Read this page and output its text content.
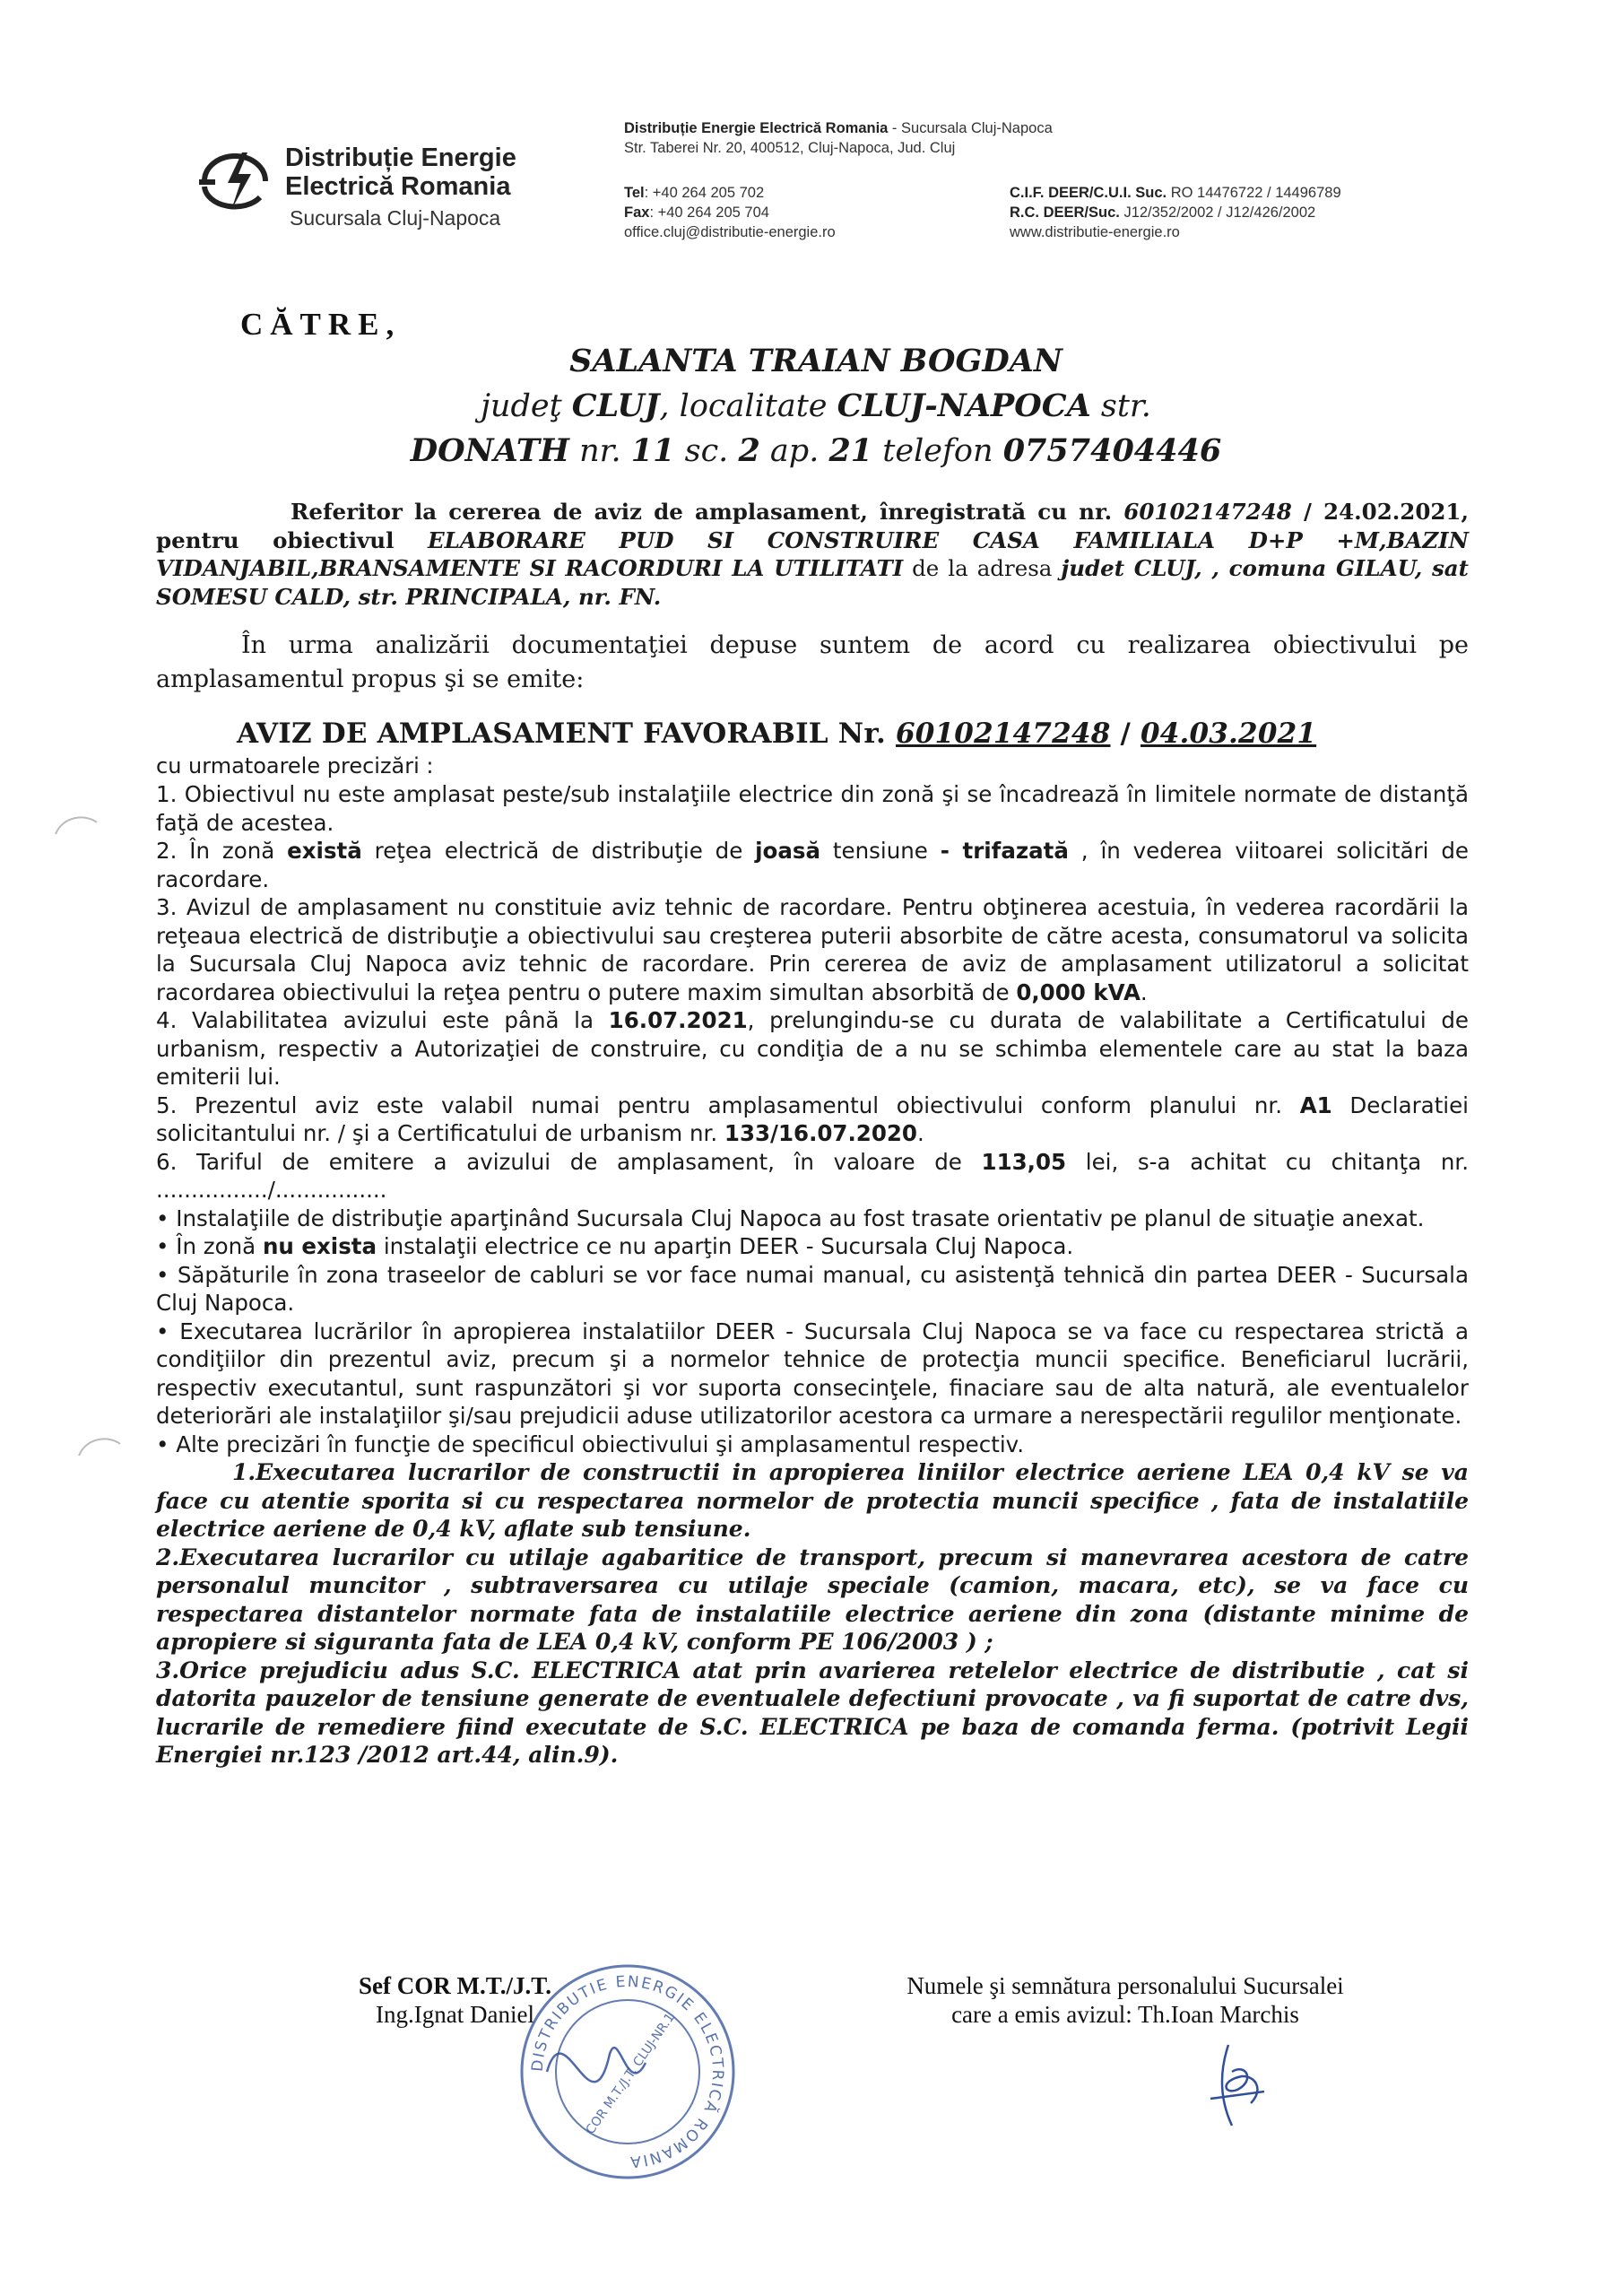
Distribuție Energie
Electrică Romania
Sucursala Cluj-Napoca
Distribuție Energie Electrică Romania - Sucursala Cluj-Napoca
Str. Taberei Nr. 20, 400512, Cluj-Napoca, Jud. Cluj
Tel: +40 264 205 702
Fax: +40 264 205 704
office.cluj@distributie-energie.ro
C.I.F. DEER/C.U.I. Suc. RO 14476722 / 14496789
R.C. DEER/Suc. J12/352/2002 / J12/426/2002
www.distributie-energie.ro
CĂTRE,
SALANTA TRAIAN BOGDAN
judeţ CLUJ, localitate CLUJ-NAPOCA str.
DONATH nr. 11 sc. 2 ap. 21 telefon 0757404446

Referitor la cererea de aviz de amplasament, înregistrată cu nr. 60102147248 / 24.02.2021, pentru obiectivul ELABORARE PUD SI CONSTRUIRE CASA FAMILIALA D+P +M,BAZIN VIDANJABIL,BRANSAMENTE SI RACORDURI LA UTILITATI de la adresa judet CLUJ, , comuna GILAU, sat SOMESU CALD, str. PRINCIPALA, nr. FN.

În urma analizării documentaţiei depuse suntem de acord cu realizarea obiectivului pe amplasamentul propus şi se emite:

AVIZ DE AMPLASAMENT FAVORABIL Nr. 60102147248 / 04.03.2021
cu urmatoarele precizări :

1. Obiectivul nu este amplasat peste/sub instalaţiile electrice din zonă şi se încadrează în limitele normate de distanţă faţă de acestea.

2. În zonă există reţea electrică de distribuţie de joasă tensiune - trifazată , în vederea viitoarei solicitări de racordare.

3. Avizul de amplasament nu constituie aviz tehnic de racordare. Pentru obţinerea acestuia, în vederea racordării la reţeaua electrică de distribuţie a obiectivului sau creşterea puterii absorbite de către acesta, consumatorul va solicita la Sucursala Cluj Napoca aviz tehnic de racordare. Prin cererea de aviz de amplasament utilizatorul a solicitat racordarea obiectivului la reţea pentru o putere maxim simultan absorbită de 0,000 kVA.

4. Valabilitatea avizului este până la 16.07.2021, prelungindu-se cu durata de valabilitate a Certificatului de urbanism, respectiv a Autorizaţiei de construire, cu condiţia de a nu se schimba elementele care au stat la baza emiterii lui.

5. Prezentul aviz este valabil numai pentru amplasamentul obiectivului conform planului nr. A1 Declaratiei solicitantului nr. / şi a Certificatului de urbanism nr. 133/16.07.2020.

6. Tariful de emitere a avizului de amplasament, în valoare de 113,05 lei, s-a achitat cu chitanţa nr. ................/................

• Instalaţiile de distribuţie aparţinând Sucursala Cluj Napoca au fost trasate orientativ pe planul de situaţie anexat.

• În zonă nu exista instalaţii electrice ce nu aparţin DEER - Sucursala Cluj Napoca.

• Săpăturile în zona traseelor de cabluri se vor face numai manual, cu asistenţă tehnică din partea DEER - Sucursala Cluj Napoca.

• Executarea lucrărilor în apropierea instalatiilor DEER - Sucursala Cluj Napoca se va face cu respectarea strictă a condiţiilor din prezentul aviz, precum şi a normelor tehnice de protecţia muncii specifice. Beneficiarul lucrării, respectiv executantul, sunt raspunzători şi vor suporta consecinţele, finaciare sau de alta natură, ale eventualelor deteriorări ale instalaţiilor şi/sau prejudicii aduse utilizatorilor acestora ca urmare a nerespectării regulilor menţionate.

• Alte precizări în funcţie de specificul obiectivului şi amplasamentul respectiv.

1.Executarea lucrarilor de constructii in apropierea liniilor electrice aeriene LEA 0,4 kV se va face cu atentie sporita si cu respectarea normelor de protectia muncii specifice , fata de instalatiile electrice aeriene de 0,4 kV, aflate sub tensiune.

2.Executarea lucrarilor cu utilaje agabaritice de transport, precum si manevrarea acestora de catre personalul muncitor , subtraversarea cu utilaje speciale (camion, macara, etc), se va face cu respectarea distantelor normate fata de instalatiile electrice aeriene din zona (distante minime de apropiere si siguranta fata de LEA 0,4 kV, conform PE 106/2003 ) ;

3.Orice prejudiciu adus S.C. ELECTRICA atat prin avarierea retelelor electrice de distributie , cat si datorita pauzelor de tensiune generate de eventualele defectiuni provocate , va fi suportat de catre dvs, lucrarile de remediere fiind executate de S.C. ELECTRICA pe baza de comanda ferma. (potrivit Legii Energiei nr.123 /2012 art.44, alin.9).

Sef COR M.T./J.T.
Ing.Ignat Daniel
Numele şi semnătura personalului Sucursalei
care a emis avizul: Th.Ioan Marchis
DISTRIBUTIE ENERGIE ELECTRICĂ ROMANIA
COR M.T./J.T. CLUJ-NR.1
